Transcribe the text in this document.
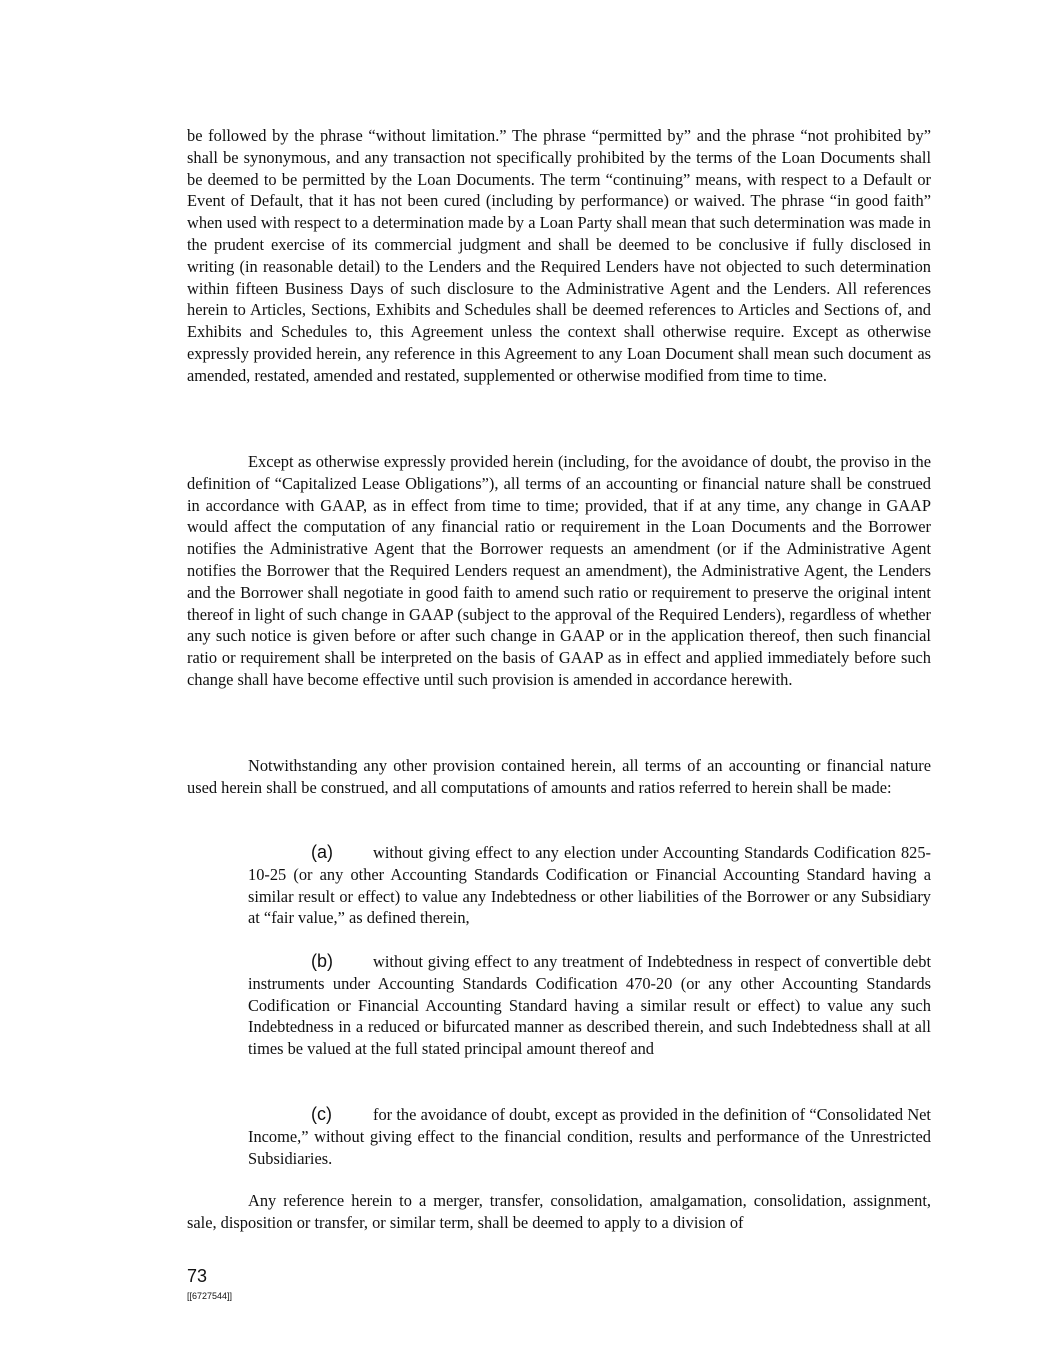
be followed by the phrase “without limitation.” The phrase “permitted by” and the phrase “not prohibited by” shall be synonymous, and any transaction not specifically prohibited by the terms of the Loan Documents shall be deemed to be permitted by the Loan Documents. The term “continuing” means, with respect to a Default or Event of Default, that it has not been cured (including by performance) or waived. The phrase “in good faith” when used with respect to a determination made by a Loan Party shall mean that such determination was made in the prudent exercise of its commercial judgment and shall be deemed to be conclusive if fully disclosed in writing (in reasonable detail) to the Lenders and the Required Lenders have not objected to such determination within fifteen Business Days of such disclosure to the Administrative Agent and the Lenders. All references herein to Articles, Sections, Exhibits and Schedules shall be deemed references to Articles and Sections of, and Exhibits and Schedules to, this Agreement unless the context shall otherwise require. Except as otherwise expressly provided herein, any reference in this Agreement to any Loan Document shall mean such document as amended, restated, amended and restated, supplemented or otherwise modified from time to time.

Except as otherwise expressly provided herein (including, for the avoidance of doubt, the proviso in the definition of “Capitalized Lease Obligations”), all terms of an accounting or financial nature shall be construed in accordance with GAAP, as in effect from time to time; provided, that if at any time, any change in GAAP would affect the computation of any financial ratio or requirement in the Loan Documents and the Borrower notifies the Administrative Agent that the Borrower requests an amendment (or if the Administrative Agent notifies the Borrower that the Required Lenders request an amendment), the Administrative Agent, the Lenders and the Borrower shall negotiate in good faith to amend such ratio or requirement to preserve the original intent thereof in light of such change in GAAP (subject to the approval of the Required Lenders), regardless of whether any such notice is given before or after such change in GAAP or in the application thereof, then such financial ratio or requirement shall be interpreted on the basis of GAAP as in effect and applied immediately before such change shall have become effective until such provision is amended in accordance herewith.

Notwithstanding any other provision contained herein, all terms of an accounting or financial nature used herein shall be construed, and all computations of amounts and ratios referred to herein shall be made:

(a) without giving effect to any election under Accounting Standards Codification 825-10-25 (or any other Accounting Standards Codification or Financial Accounting Standard having a similar result or effect) to value any Indebtedness or other liabilities of the Borrower or any Subsidiary at “fair value,” as defined therein,

(b) without giving effect to any treatment of Indebtedness in respect of convertible debt instruments under Accounting Standards Codification 470-20 (or any other Accounting Standards Codification or Financial Accounting Standard having a similar result or effect) to value any such Indebtedness in a reduced or bifurcated manner as described therein, and such Indebtedness shall at all times be valued at the full stated principal amount thereof and

(c)	for the avoidance of doubt, except as provided in the definition of “Consolidated Net Income,” without giving effect to the financial condition, results and performance of the Unrestricted Subsidiaries.

Any reference herein to a merger, transfer, consolidation, amalgamation, consolidation, assignment, sale, disposition or transfer, or similar term, shall be deemed to apply to a division of

73
[[6727544]]
